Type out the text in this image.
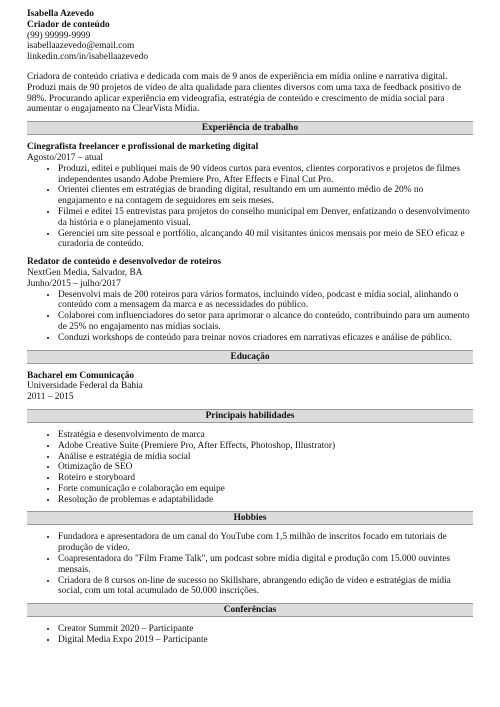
Isabella Azevedo
Criador de conteúdo
(99) 99999-9999
isabellaazevedo@email.com
linkedin.com/in/isabellaazevedo
Criadora de conteúdo criativa e dedicada com mais de 9 anos de experiência em mídia online e narrativa digital. Produzi mais de 90 projetos de vídeo de alta qualidade para clientes diversos com uma taxa de feedback positivo de 98%. Procurando aplicar experiência em videografia, estratégia de conteúdo e crescimento de mídia social para aumentar o engajamento na ClearVista Mídia.
Experiência de trabalho
Cinegrafista freelancer e profissional de marketing digital
Agosto/2017 – atual
• Produzi, editei e publiquei mais de 90 vídeos curtos para eventos, clientes corporativos e projetos de filmes independentes usando Adobe Premiere Pro, After Effects e Final Cut Pro.
• Orientei clientes em estratégias de branding digital, resultando em um aumento médio de 20% no engajamento e na contagem de seguidores em seis meses.
• Filmei e editei 15 entrevistas para projetos do conselho municipal em Denver, enfatizando o desenvolvimento da história e o planejamento visual.
• Gerenciei um site pessoal e portfólio, alcançando 40 mil visitantes únicos mensais por meio de SEO eficaz e curadoria de conteúdo.
Redator de conteúdo e desenvolvedor de roteiros
NextGen Media, Salvador, BA
Junho/2015 – julho/2017
• Desenvolvi mais de 200 roteiros para vários formatos, incluindo vídeo, podcast e mídia social, alinhando o conteúdo com a mensagem da marca e as necessidades do público.
• Colaborei com influenciadores do setor para aprimorar o alcance do conteúdo, contribuindo para um aumento de 25% no engajamento nas mídias sociais.
• Conduzi workshops de conteúdo para treinar novos criadores em narrativas eficazes e análise de público.
Educação
Bacharel em Comunicação
Universidade Federal da Bahia
2011 – 2015
Principais habilidades
• Estratégia e desenvolvimento de marca
• Adobe Creative Suite (Premiere Pro, After Effects, Photoshop, Illustrator)
• Análise e estratégia de mídia social
• Otimização de SEO
• Roteiro e storyboard
• Forte comunicação e colaboração em equipe
• Resolução de problemas e adaptabilidade
Hobbies
• Fundadora e apresentadora de um canal do YouTube com 1,5 milhão de inscritos focado em tutoriais de produção de vídeo.
• Coapresentadora do "Film Frame Talk", um podcast sobre mídia digital e produção com 15.000 ouvintes mensais.
• Criadora de 8 cursos on-line de sucesso no Skillshare, abrangendo edição de vídeo e estratégias de mídia social, com um total acumulado de 50.000 inscrições.
Conferências
• Creator Summit 2020 – Participante
• Digital Media Expo 2019 – Participante
